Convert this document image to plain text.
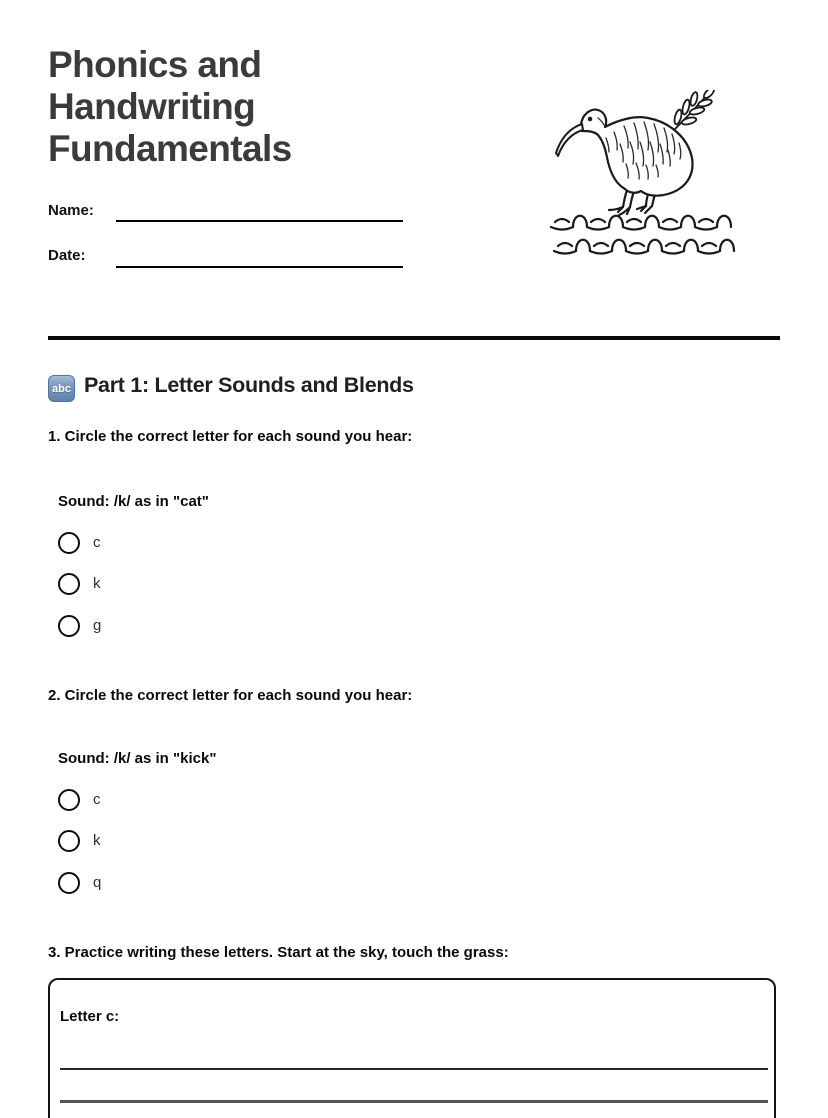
Phonics and Handwriting Fundamentals
Name:
Date:
abc Part 1: Letter Sounds and Blends
1. Circle the correct letter for each sound you hear:
Sound: /k/ as in "cat"
c
k
g
2. Circle the correct letter for each sound you hear:
Sound: /k/ as in "kick"
c
k
q
3. Practice writing these letters. Start at the sky, touch the grass:
Letter c:
